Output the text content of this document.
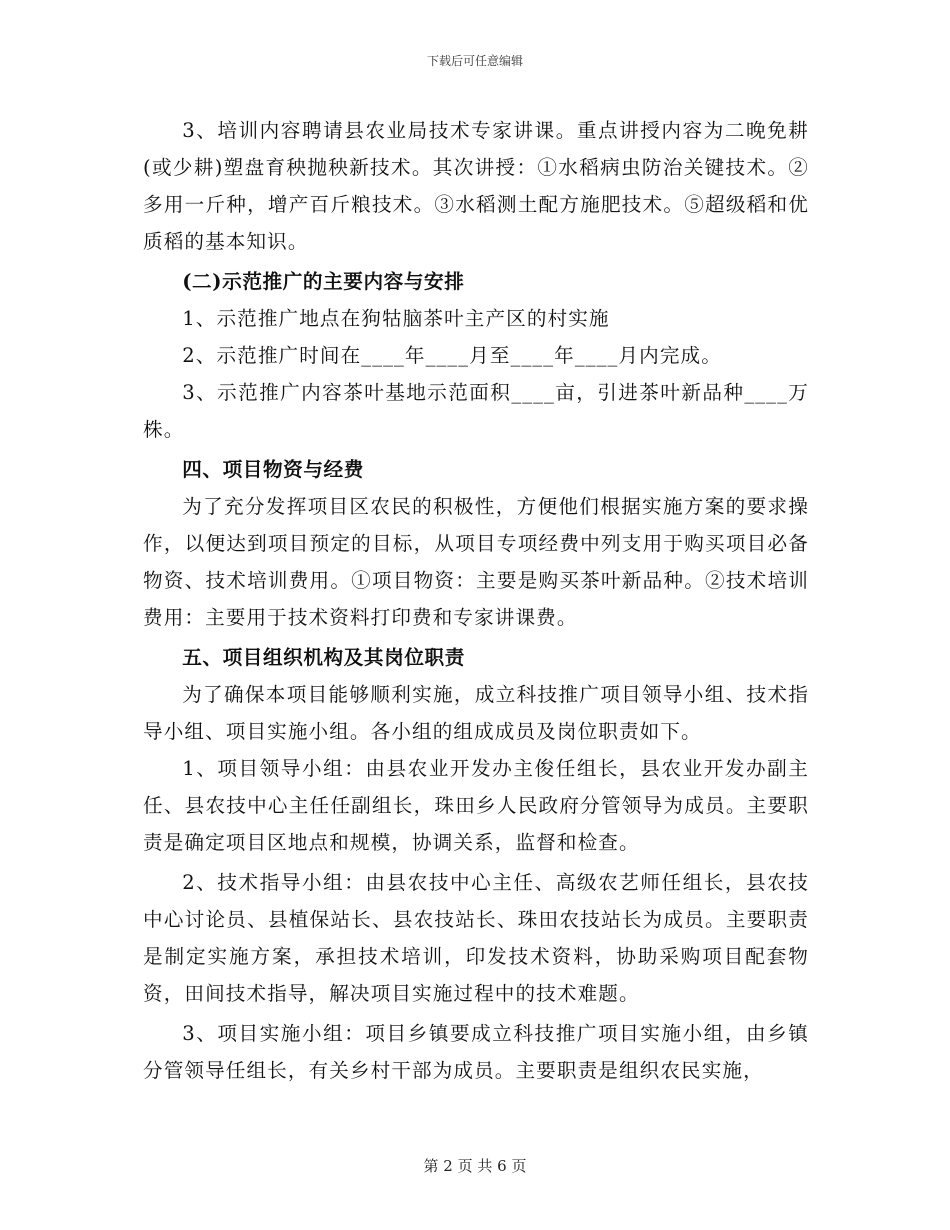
下载后可任意编辑

3、培训内容聘请县农业局技术专家讲课。重点讲授内容为二晚免耕(或少耕)塑盘育秧抛秧新技术。其次讲授：①水稻病虫防治关键技术。②多用一斤种，增产百斤粮技术。③水稻测土配方施肥技术。⑤超级稻和优质稻的基本知识。

(二)示范推广的主要内容与安排

1、示范推广地点在狗牯脑茶叶主产区的村实施

2、示范推广时间在____年____月至____年____月内完成。

3、示范推广内容茶叶基地示范面积____亩，引进茶叶新品种____万株。

四、项目物资与经费

为了充分发挥项目区农民的积极性，方便他们根据实施方案的要求操作，以便达到项目预定的目标，从项目专项经费中列支用于购买项目必备物资、技术培训费用。①项目物资：主要是购买茶叶新品种。②技术培训费用：主要用于技术资料打印费和专家讲课费。

五、项目组织机构及其岗位职责

为了确保本项目能够顺利实施，成立科技推广项目领导小组、技术指导小组、项目实施小组。各小组的组成成员及岗位职责如下。

1、项目领导小组：由县农业开发办主俊任组长，县农业开发办副主任、县农技中心主任任副组长，珠田乡人民政府分管领导为成员。主要职责是确定项目区地点和规模，协调关系，监督和检查。

2、技术指导小组：由县农技中心主任、高级农艺师任组长，县农技中心讨论员、县植保站长、县农技站长、珠田农技站长为成员。主要职责是制定实施方案，承担技术培训，印发技术资料，协助采购项目配套物资，田间技术指导，解决项目实施过程中的技术难题。

3、项目实施小组：项目乡镇要成立科技推广项目实施小组，由乡镇分管领导任组长，有关乡村干部为成员。主要职责是组织农民实施，

第 2 页 共 6 页
